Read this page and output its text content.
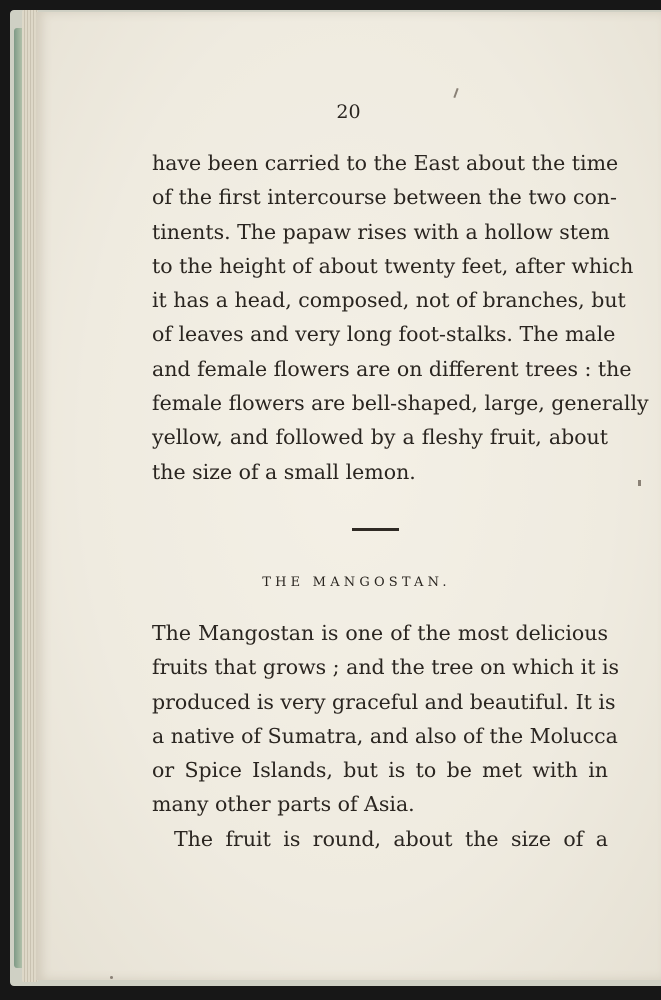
20
have been carried to the East about the time
of the first intercourse between the two con-
tinents. The papaw rises with a hollow stem
to the height of about twenty feet, after which
it has a head, composed, not of branches, but
of leaves and very long foot-stalks. The male
and female flowers are on different trees : the
female flowers are bell-shaped, large, generally
yellow, and followed by a fleshy fruit, about
the size of a small lemon.
THE MANGOSTAN.
The Mangostan is one of the most delicious
fruits that grows ; and the tree on which it is
produced is very graceful and beautiful. It is
a native of Sumatra, and also of the Molucca
or Spice Islands, but is to be met with in
many other parts of Asia.
The fruit is round, about the size of a
